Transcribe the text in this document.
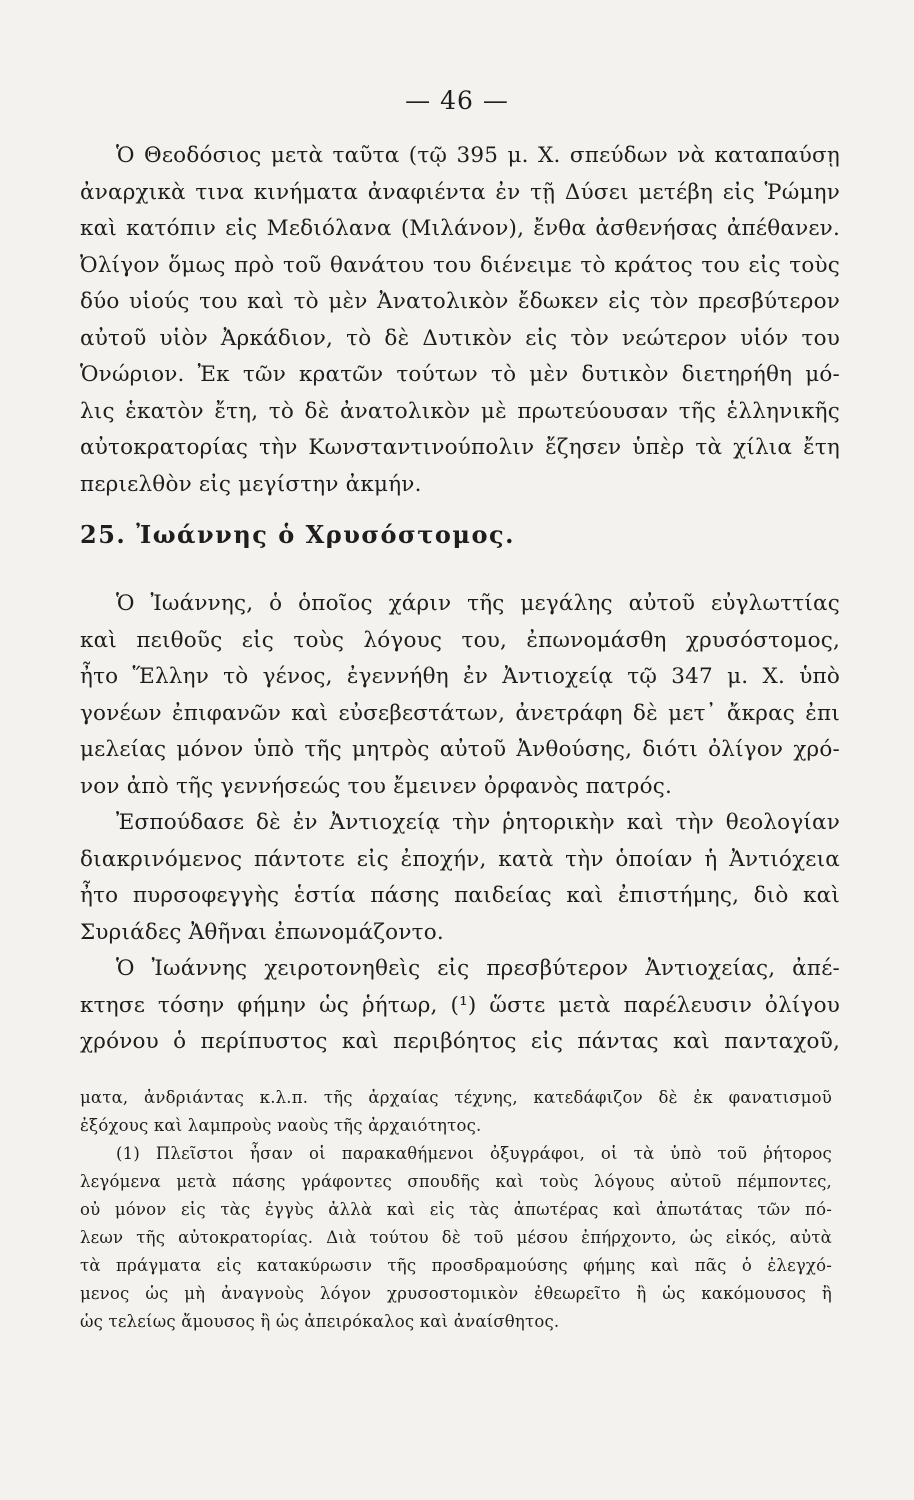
— 46 —
Ὁ Θεοδόσιος μετὰ ταῦτα (τῷ 395 μ. Χ. σπεύδων νὰ καταπαύσῃ
ἀναρχικὰ τινα κινήματα ἀναφιέντα ἐν τῇ Δύσει μετέβη εἰς Ῥώμην
καὶ κατόπιν εἰς Μεδιόλανα (Μιλάνον), ἔνθα ἀσθενήσας ἀπέθανεν.
Ὀλίγον ὅμως πρὸ τοῦ θανάτου του διένειμε τὸ κράτος του εἰς τοὺς
δύο υἱούς του καὶ τὸ μὲν Ἀνατολικὸν ἔδωκεν εἰς τὸν πρεσβύτερον
αὐτοῦ υἱὸν Ἀρκάδιον, τὸ δὲ Δυτικὸν εἰς τὸν νεώτερον υἱόν του
Ὁνώριον. Ἐκ τῶν κρατῶν τούτων τὸ μὲν δυτικὸν διετηρήθη μό-
λις ἑκατὸν ἔτη, τὸ δὲ ἀνατολικὸν μὲ πρωτεύουσαν τῆς ἑλληνικῆς
αὐτοκρατορίας τὴν Κωνσταντινούπολιν ἔζησεν ὑπὲρ τὰ χίλια ἔτη
περιελθὸν εἰς μεγίστην ἀκμήν.
25. Ἰωάννης ὁ Χρυσόστομος.
Ὁ Ἰωάννης, ὁ ὁποῖος χάριν τῆς μεγάλης αὐτοῦ εὐγλωττίας
καὶ πειθοῦς εἰς τοὺς λόγους του, ἐπωνομάσθη χρυσόστομος,
ἦτο Ἕλλην τὸ γένος, ἐγεννήθη ἐν Ἀντιοχείᾳ τῷ 347 μ. Χ. ὑπὸ
γονέων ἐπιφανῶν καὶ εὐσεβεστάτων, ἀνετράφη δὲ μετ᾿ ἄκρας ἐπι
μελείας μόνον ὑπὸ τῆς μητρὸς αὐτοῦ Ἀνθούσης, διότι ὀλίγον χρό-
νον ἀπὸ τῆς γεννήσεώς του ἔμεινεν ὀρφανὸς πατρός.
Ἐσπούδασε δὲ ἐν Ἀντιοχείᾳ τὴν ῥητορικὴν καὶ τὴν θεολογίαν
διακρινόμενος πάντοτε εἰς ἐποχήν, κατὰ τὴν ὁποίαν ἡ Ἀντιόχεια
ἦτο πυρσοφεγγὴς ἑστία πάσης παιδείας καὶ ἐπιστήμης, διὸ καὶ
Συριάδες Ἀθῆναι ἐπωνομάζοντο.
Ὁ Ἰωάννης χειροτονηθεὶς εἰς πρεσβύτερον Ἀντιοχείας, ἀπέ-
κτησε τόσην φήμην ὡς ῥήτωρ, (¹) ὥστε μετὰ παρέλευσιν ὀλίγου
χρόνου ὁ περίπυστος καὶ περιβόητος εἰς πάντας καὶ πανταχοῦ,
ματα, ἀνδριάντας κ.λ.π. τῆς ἀρχαίας τέχνης, κατεδάφιζον δὲ ἐκ φανατισμοῦ
ἐξόχους καὶ λαμπροὺς ναοὺς τῆς ἀρχαιότητος.
(1) Πλεῖστοι ἦσαν οἱ παρακαθήμενοι ὀξυγράφοι, οἱ τὰ ὑπὸ τοῦ ῥήτορος
λεγόμενα μετὰ πάσης γράφοντες σπουδῆς καὶ τοὺς λόγους αὐτοῦ πέμποντες,
οὐ μόνον εἰς τὰς ἐγγὺς ἀλλὰ καὶ εἰς τὰς ἀπωτέρας καὶ ἀπωτάτας τῶν πό-
λεων τῆς αὐτοκρατορίας. Διὰ τούτου δὲ τοῦ μέσου ἐπήρχοντο, ὡς εἰκός, αὐτὰ
τὰ πράγματα εἰς κατακύρωσιν τῆς προσδραμούσης φήμης καὶ πᾶς ὁ ἐλεγχό-
μενος ὡς μὴ ἀναγνοὺς λόγον χρυσοστομικὸν ἐθεωρεῖτο ἢ ὡς κακόμουσος ἢ
ὡς τελείως ἄμουσος ἢ ὡς ἀπειρόκαλος καὶ ἀναίσθητος.
